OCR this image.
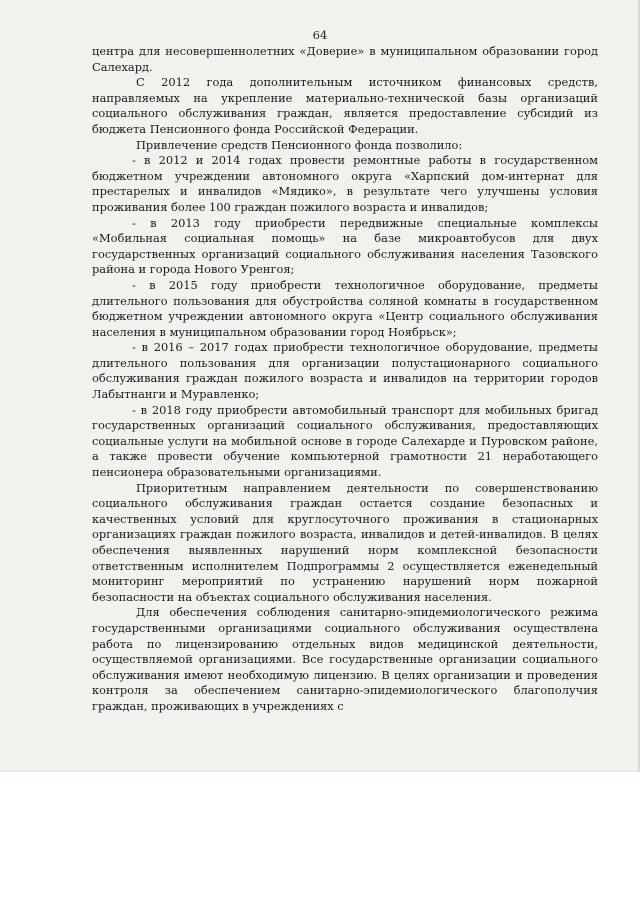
64

центра для несовершеннолетних «Доверие» в муниципальном образовании город Салехард.

С 2012 года дополнительным источником финансовых средств, направляемых на укрепление материально-технической базы организаций социального обслуживания граждан, является предоставление субсидий из бюджета Пенсионного фонда Российской Федерации.

Привлечение средств Пенсионного фонда позволило:

- в 2012 и 2014 годах провести ремонтные работы в государственном бюджетном учреждении автономного округа «Харпский дом-интернат для престарелых и инвалидов «Мядико», в результате чего улучшены условия проживания более 100 граждан пожилого возраста и инвалидов;

- в 2013 году приобрести передвижные специальные комплексы «Мобильная социальная помощь» на базе микроавтобусов для двух государственных организаций социального обслуживания населения Тазовского района и города Нового Уренгоя;

- в 2015 году приобрести технологичное оборудование, предметы длительного пользования для обустройства соляной комнаты в государственном бюджетном учреждении автономного округа «Центр социального обслуживания населения в муниципальном образовании город Ноябрьск»;

- в 2016 – 2017 годах приобрести технологичное оборудование, предметы длительного пользования для организации полустационарного социального обслуживания граждан пожилого возраста и инвалидов на территории городов Лабытнанги и Муравленко;

- в 2018 году приобрести автомобильный транспорт для мобильных бригад государственных организаций социального обслуживания, предоставляющих социальные услуги на мобильной основе в городе Салехарде и Пуровском районе, а также провести обучение компьютерной грамотности 21 неработающего пенсионера образовательными организациями.

Приоритетным направлением деятельности по совершенствованию социального обслуживания граждан остается создание безопасных и качественных условий для круглосуточного проживания в стационарных организациях граждан пожилого возраста, инвалидов и детей-инвалидов. В целях обеспечения выявленных нарушений норм комплексной безопасности ответственным исполнителем Подпрограммы 2 осуществляется еженедельный мониторинг мероприятий по устранению нарушений норм пожарной безопасности на объектах социального обслуживания населения.

Для обеспечения соблюдения санитарно-эпидемиологического режима государственными организациями социального обслуживания осуществлена работа по лицензированию отдельных видов медицинской деятельности, осуществляемой организациями. Все государственные организации социального обслуживания имеют необходимую лицензию. В целях организации и проведения контроля за обеспечением санитарно-эпидемиологического благополучия граждан, проживающих в учреждениях с
